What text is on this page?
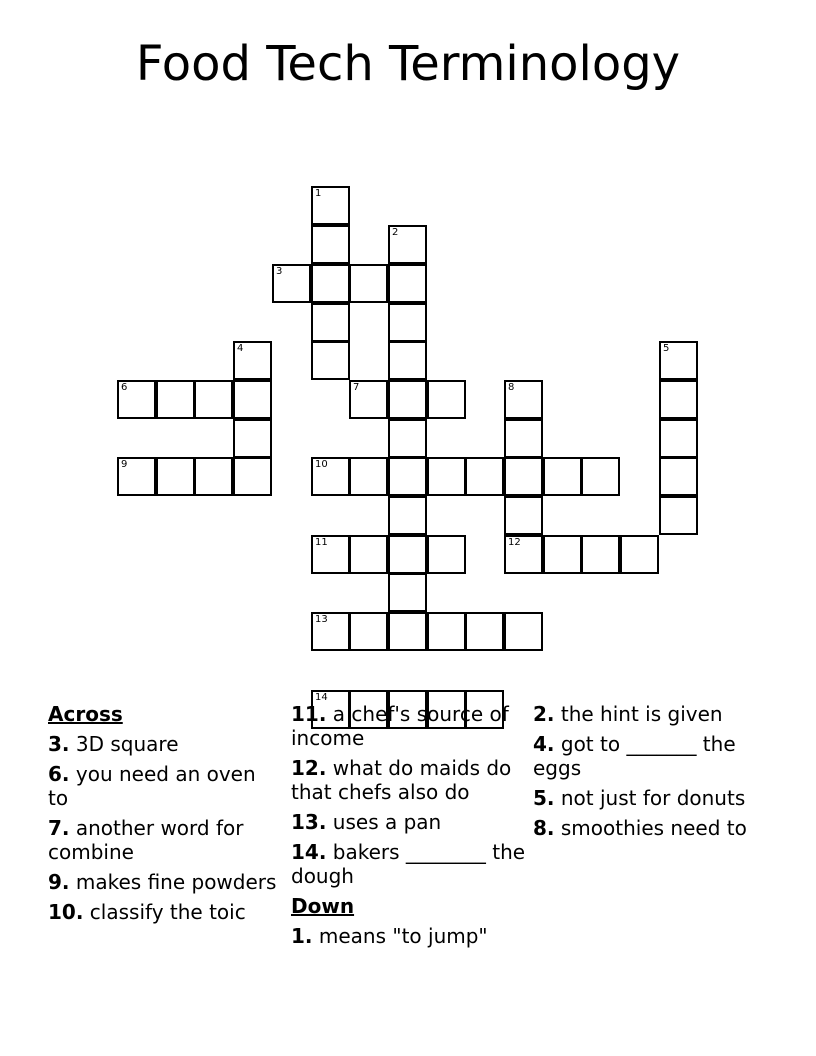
Food Tech Terminology
1
2
3
4	5
6	7	8
12
9	10
11
13
14
Across
3. 3D square
6. you need an oven to
7. another word for combine
9. makes fine powders
10. classify the toic
11. a chef's source of income
12. what do maids do that chefs also do
13. uses a pan
14. bakers ________ the dough
Down
1. means "to jump"
2. the hint is given
4. got to _______ the eggs
5. not just for donuts
8. smoothies need to
